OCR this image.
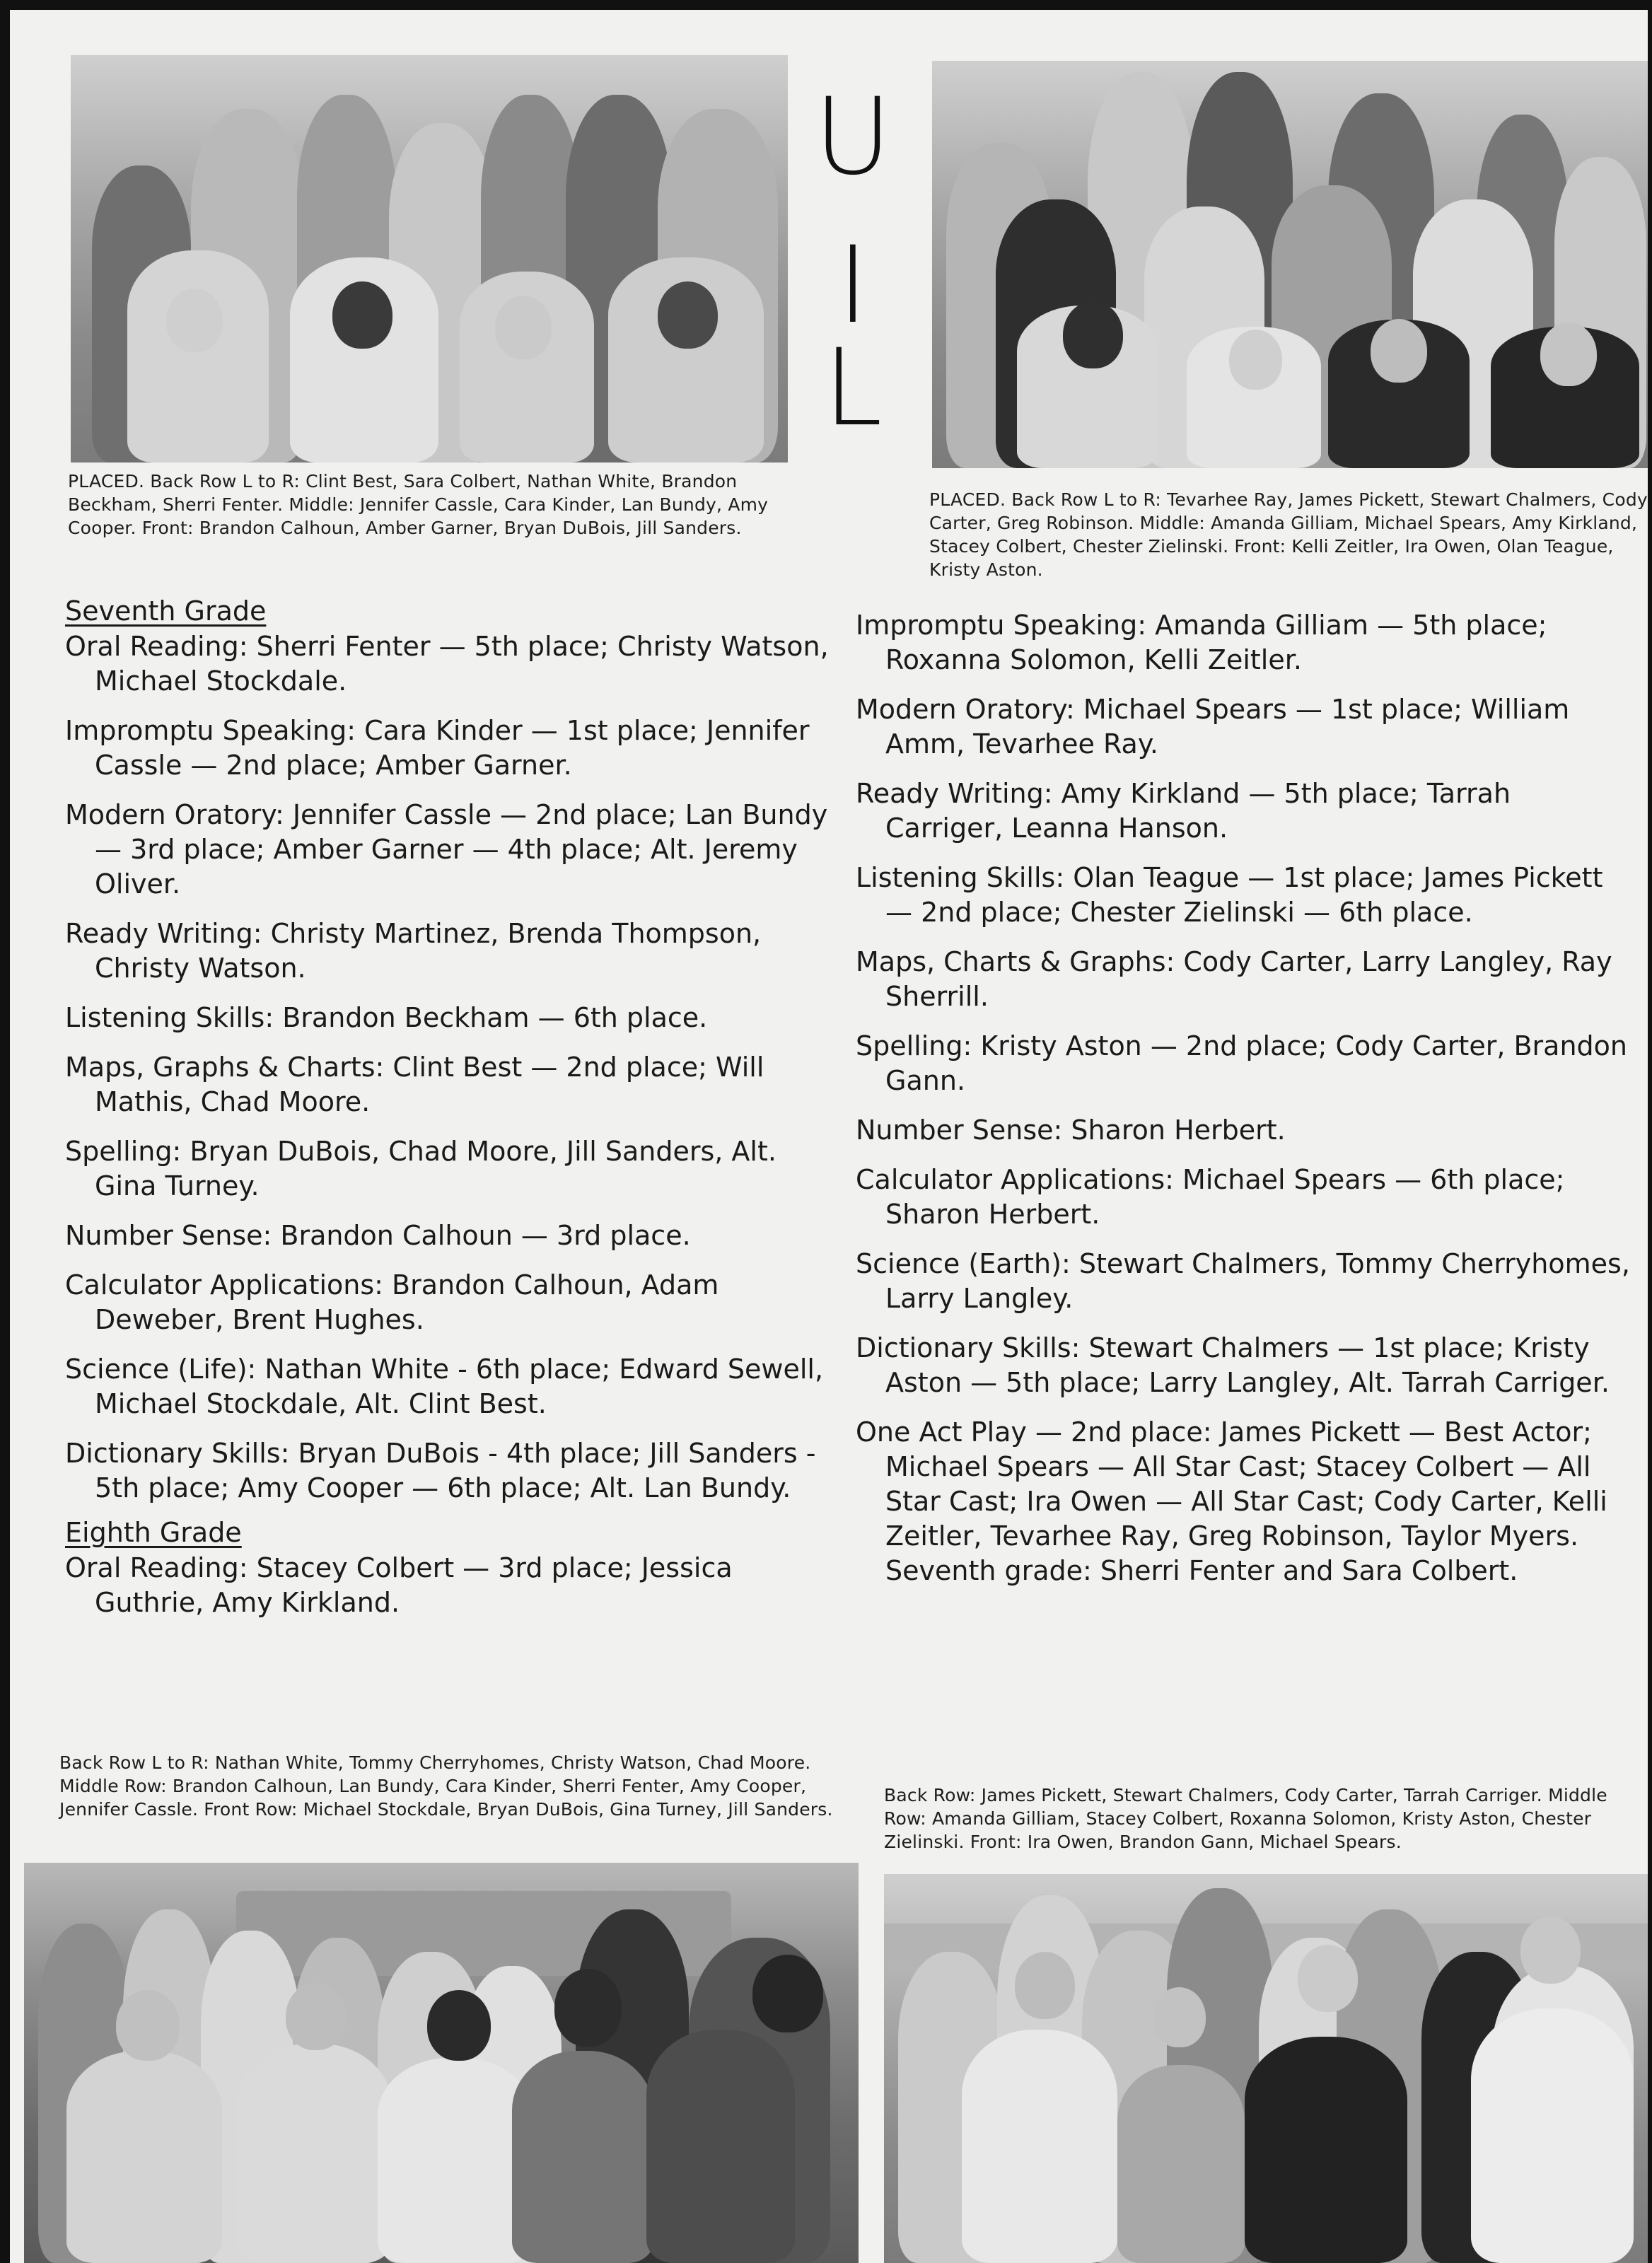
PLACED. Back Row L to R: Clint Best, Sara Colbert, Nathan White, Brandon Beckham, Sherri Fenter. Middle: Jennifer Cassle, Cara Kinder, Lan Bundy, Amy Cooper. Front: Brandon Calhoun, Amber Garner, Bryan DuBois, Jill Sanders.
U
I
L
PLACED. Back Row L to R: Tevarhee Ray, James Pickett, Stewart Chalmers, Cody Carter, Greg Robinson. Middle: Amanda Gilliam, Michael Spears, Amy Kirkland, Stacey Colbert, Chester Zielinski. Front: Kelli Zeitler, Ira Owen, Olan Teague, Kristy Aston.
Seventh Grade
Oral Reading: Sherri Fenter — 5th place; Christy Watson, Michael Stockdale.
Impromptu Speaking: Cara Kinder — 1st place; Jennifer Cassle — 2nd place; Amber Garner.
Modern Oratory: Jennifer Cassle — 2nd place; Lan Bundy — 3rd place; Amber Garner — 4th place; Alt. Jeremy Oliver.
Ready Writing: Christy Martinez, Brenda Thompson, Christy Watson.
Listening Skills: Brandon Beckham — 6th place.
Maps, Graphs & Charts: Clint Best — 2nd place; Will Mathis, Chad Moore.
Spelling: Bryan DuBois, Chad Moore, Jill Sanders, Alt. Gina Turney.
Number Sense: Brandon Calhoun — 3rd place.
Calculator Applications: Brandon Calhoun, Adam Deweber, Brent Hughes.
Science (Life): Nathan White - 6th place; Edward Sewell, Michael Stockdale, Alt. Clint Best.
Dictionary Skills: Bryan DuBois - 4th place; Jill Sanders - 5th place; Amy Cooper — 6th place; Alt. Lan Bundy.
Eighth Grade
Oral Reading: Stacey Colbert — 3rd place; Jessica Guthrie, Amy Kirkland.
Impromptu Speaking: Amanda Gilliam — 5th place; Roxanna Solomon, Kelli Zeitler.
Modern Oratory: Michael Spears — 1st place; William Amm, Tevarhee Ray.
Ready Writing: Amy Kirkland — 5th place; Tarrah Carriger, Leanna Hanson.
Listening Skills: Olan Teague — 1st place; James Pickett — 2nd place; Chester Zielinski — 6th place.
Maps, Charts & Graphs: Cody Carter, Larry Langley, Ray Sherrill.
Spelling: Kristy Aston — 2nd place; Cody Carter, Brandon Gann.
Number Sense: Sharon Herbert.
Calculator Applications: Michael Spears — 6th place; Sharon Herbert.
Science (Earth): Stewart Chalmers, Tommy Cherryhomes, Larry Langley.
Dictionary Skills: Stewart Chalmers — 1st place; Kristy Aston — 5th place; Larry Langley, Alt. Tarrah Carriger.
One Act Play — 2nd place: James Pickett — Best Actor; Michael Spears — All Star Cast; Stacey Colbert — All Star Cast; Ira Owen — All Star Cast; Cody Carter, Kelli Zeitler, Tevarhee Ray, Greg Robinson, Taylor Myers. Seventh grade: Sherri Fenter and Sara Colbert.
Back Row L to R: Nathan White, Tommy Cherryhomes, Christy Watson, Chad Moore. Middle Row: Brandon Calhoun, Lan Bundy, Cara Kinder, Sherri Fenter, Amy Cooper, Jennifer Cassle. Front Row: Michael Stockdale, Bryan DuBois, Gina Turney, Jill Sanders.
Back Row: James Pickett, Stewart Chalmers, Cody Carter, Tarrah Carriger. Middle Row: Amanda Gilliam, Stacey Colbert, Roxanna Solomon, Kristy Aston, Chester Zielinski. Front: Ira Owen, Brandon Gann, Michael Spears.
